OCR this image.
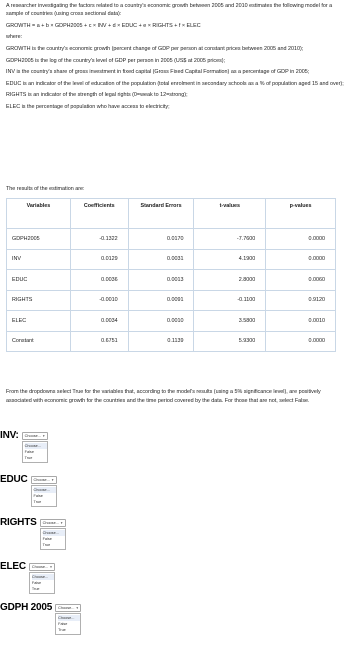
A researcher investigating the factors related to a country's economic growth between 2005 and 2010 estimates the following model for a sample of countries (using cross sectional data):

GROWTH = a + b × GDPH2005 + c × INV + d × EDUC + e × RIGHTS + f × ELEC

where:

GROWTH is the country's economic growth (percent change of GDP per person at constant prices between 2005 and 2010);

GDPH2005 is the log of the country's level of GDP per person in 2005 (US$ at 2005 prices);

INV is the country's share of gross investment in fixed capital (Gross Fixed Capital Formation) as a percentage of GDP in 2005;

EDUC is an indicator of the level of education of the population (total enrolment in secondary schools as a % of population aged 15 and over);

RIGHTS is an indicator of the strength of legal rights (0=weak to 12=strong);

ELEC is the percentage of population who have access to electricity;

The results of the estimation are:
Variables	Coefficients	Standard Errors	t-values	p-values
GDPH2005	-0.1322	0.0170	-7.7600	0.0000
INV	0.0129	0.0031	4.1900	0.0000
EDUC	0.0036	0.0013	2.8000	0.0060
RIGHTS	-0.0010	0.0091	-0.1100	0.9120
ELEC	0.0034	0.0010	3.5800	0.0010
Constant	0.6751	0.1139	5.9300	0.0000
From the dropdowns select True for the variables that, according to the model's results (using a 5% significance level), are positively associated with economic growth for the countries and the time period covered by the data. For those that are not, select False.
INV:	Choose... ▾
Choose...
False
True
EDUC	Choose... ▾
Choose...
False
True
RIGHTS	Choose... ▾
Choose...
False
True
ELEC	Choose... ▾
Choose...
False
True
GDPH 2005	Choose... ▾
Choose...
False
True
